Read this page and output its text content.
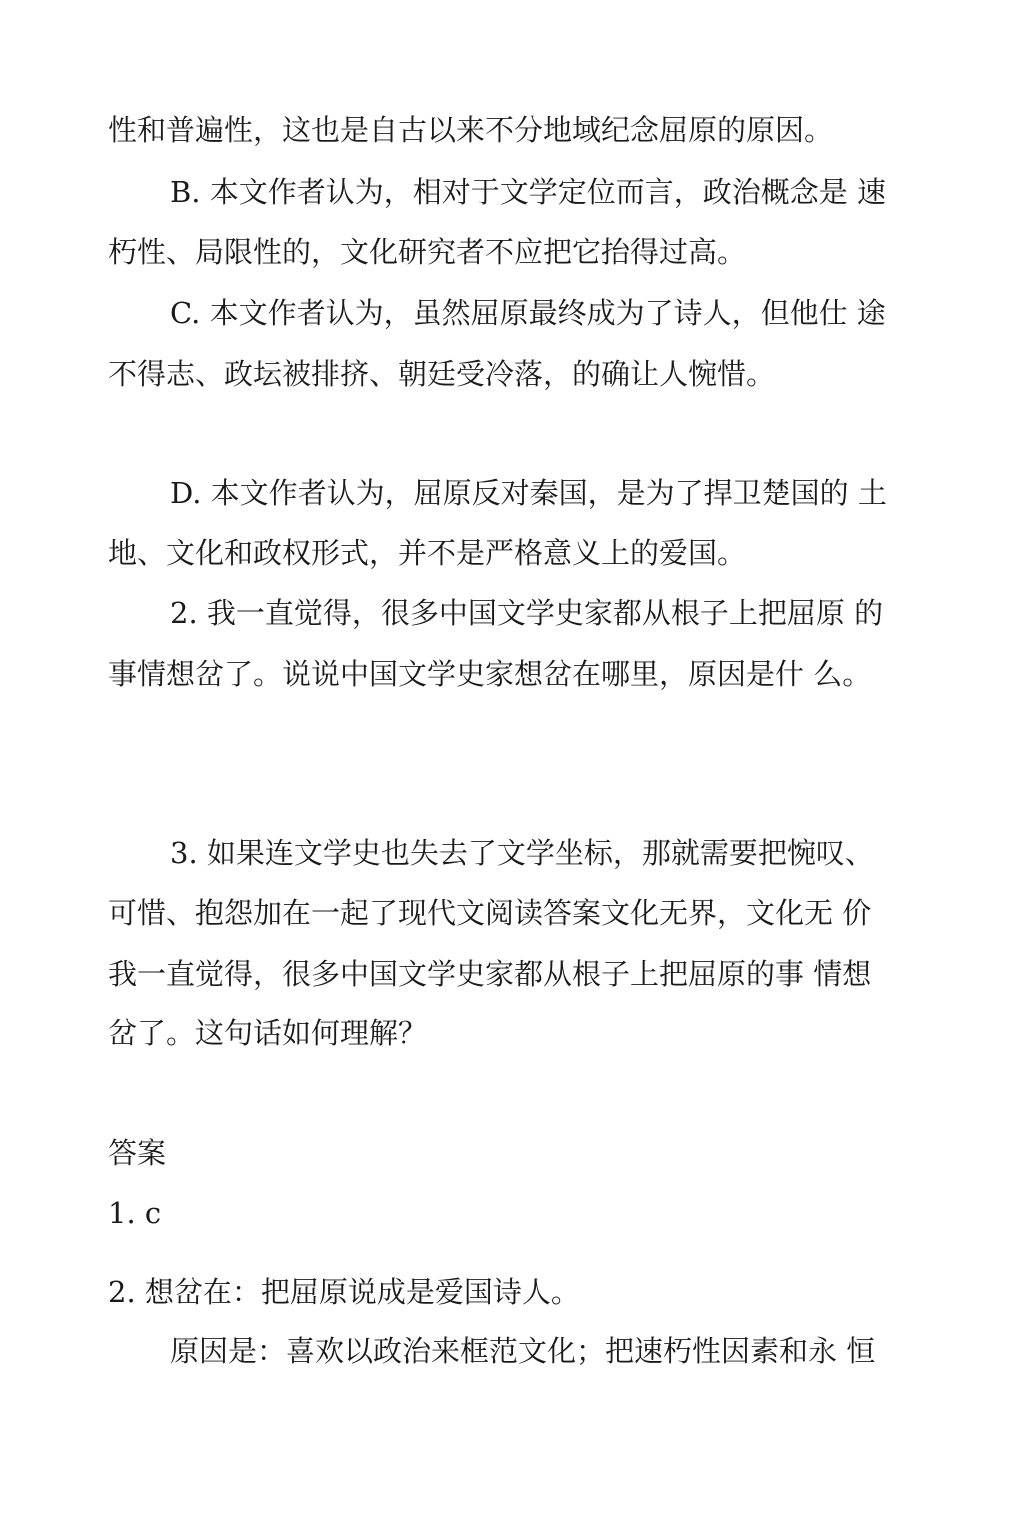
性和普遍性，这也是自古以来不分地域纪念屈原的原因。
B. 本文作者认为，相对于文学定位而言，政治概念是 速
朽性、局限性的，文化研究者不应把它抬得过高。
C. 本文作者认为，虽然屈原最终成为了诗人，但他仕 途
不得志、政坛被排挤、朝廷受冷落，的确让人惋惜。
D. 本文作者认为，屈原反对秦国，是为了捍卫楚国的 土
地、文化和政权形式，并不是严格意义上的爱国。
2. 我一直觉得，很多中国文学史家都从根子上把屈原 的
事情想岔了。说说中国文学史家想岔在哪里，原因是什 么。
3. 如果连文学史也失去了文学坐标，那就需要把惋叹、
可惜、抱怨加在一起了现代文阅读答案文化无界，文化无 价
我一直觉得，很多中国文学史家都从根子上把屈原的事 情想
岔了。这句话如何理解？
答案
1. c
2. 想岔在：把屈原说成是爱国诗人。
原因是：喜欢以政治来框范文化；把速朽性因素和永 恒
